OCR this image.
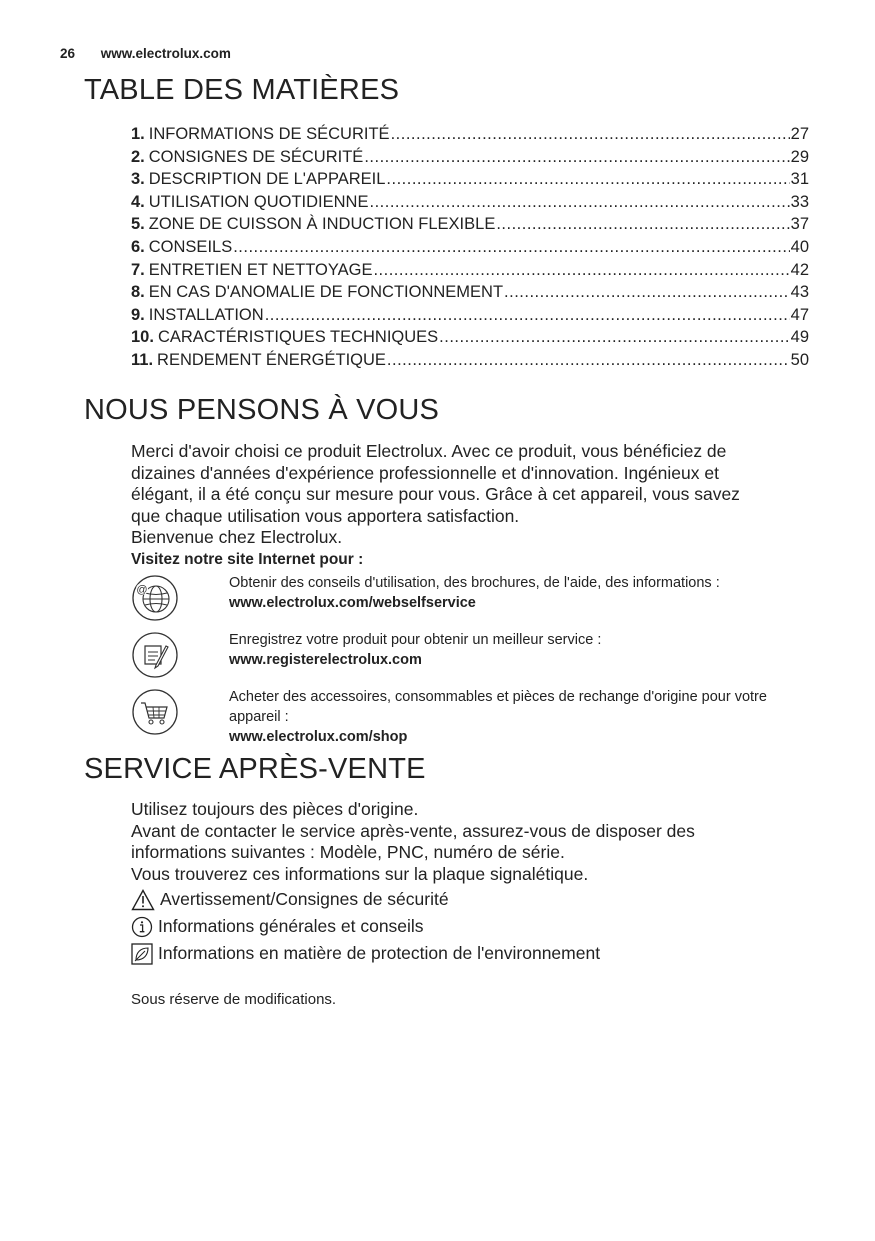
26 www.electrolux.com
TABLE DES MATIÈRES
1. INFORMATIONS DE SÉCURITÉ .....	27
2. CONSIGNES DE SÉCURITÉ .....	29
3. DESCRIPTION DE L'APPAREIL .....	31
4. UTILISATION QUOTIDIENNE .....	33
5. ZONE DE CUISSON À INDUCTION FLEXIBLE .....	37
6. CONSEILS .....	40
7. ENTRETIEN ET NETTOYAGE .....	42
8. EN CAS D'ANOMALIE DE FONCTIONNEMENT .....	43
9. INSTALLATION .....	47
10. CARACTÉRISTIQUES TECHNIQUES .....	49
11. RENDEMENT ÉNERGÉTIQUE .....	50
NOUS PENSONS À VOUS
Merci d'avoir choisi ce produit Electrolux. Avec ce produit, vous bénéficiez de
dizaines d'années d'expérience professionnelle et d'innovation. Ingénieux et
élégant, il a été conçu sur mesure pour vous. Grâce à cet appareil, vous savez
que chaque utilisation vous apportera satisfaction.
Bienvenue chez Electrolux.
Visitez notre site Internet pour :
@	Obtenir des conseils d'utilisation, des brochures, de l'aide, des informations :
www.electrolux.com/webselfservice
Enregistrez votre produit pour obtenir un meilleur service :
www.registerelectrolux.com
Acheter des accessoires, consommables et pièces de rechange d'origine pour votre appareil :
www.electrolux.com/shop
SERVICE APRÈS-VENTE
Utilisez toujours des pièces d'origine.
Avant de contacter le service après-vente, assurez-vous de disposer des
informations suivantes : Modèle, PNC, numéro de série.
Vous trouverez ces informations sur la plaque signalétique.
Avertissement/Consignes de sécurité
Informations générales et conseils
Informations en matière de protection de l'environnement
Sous réserve de modifications.
